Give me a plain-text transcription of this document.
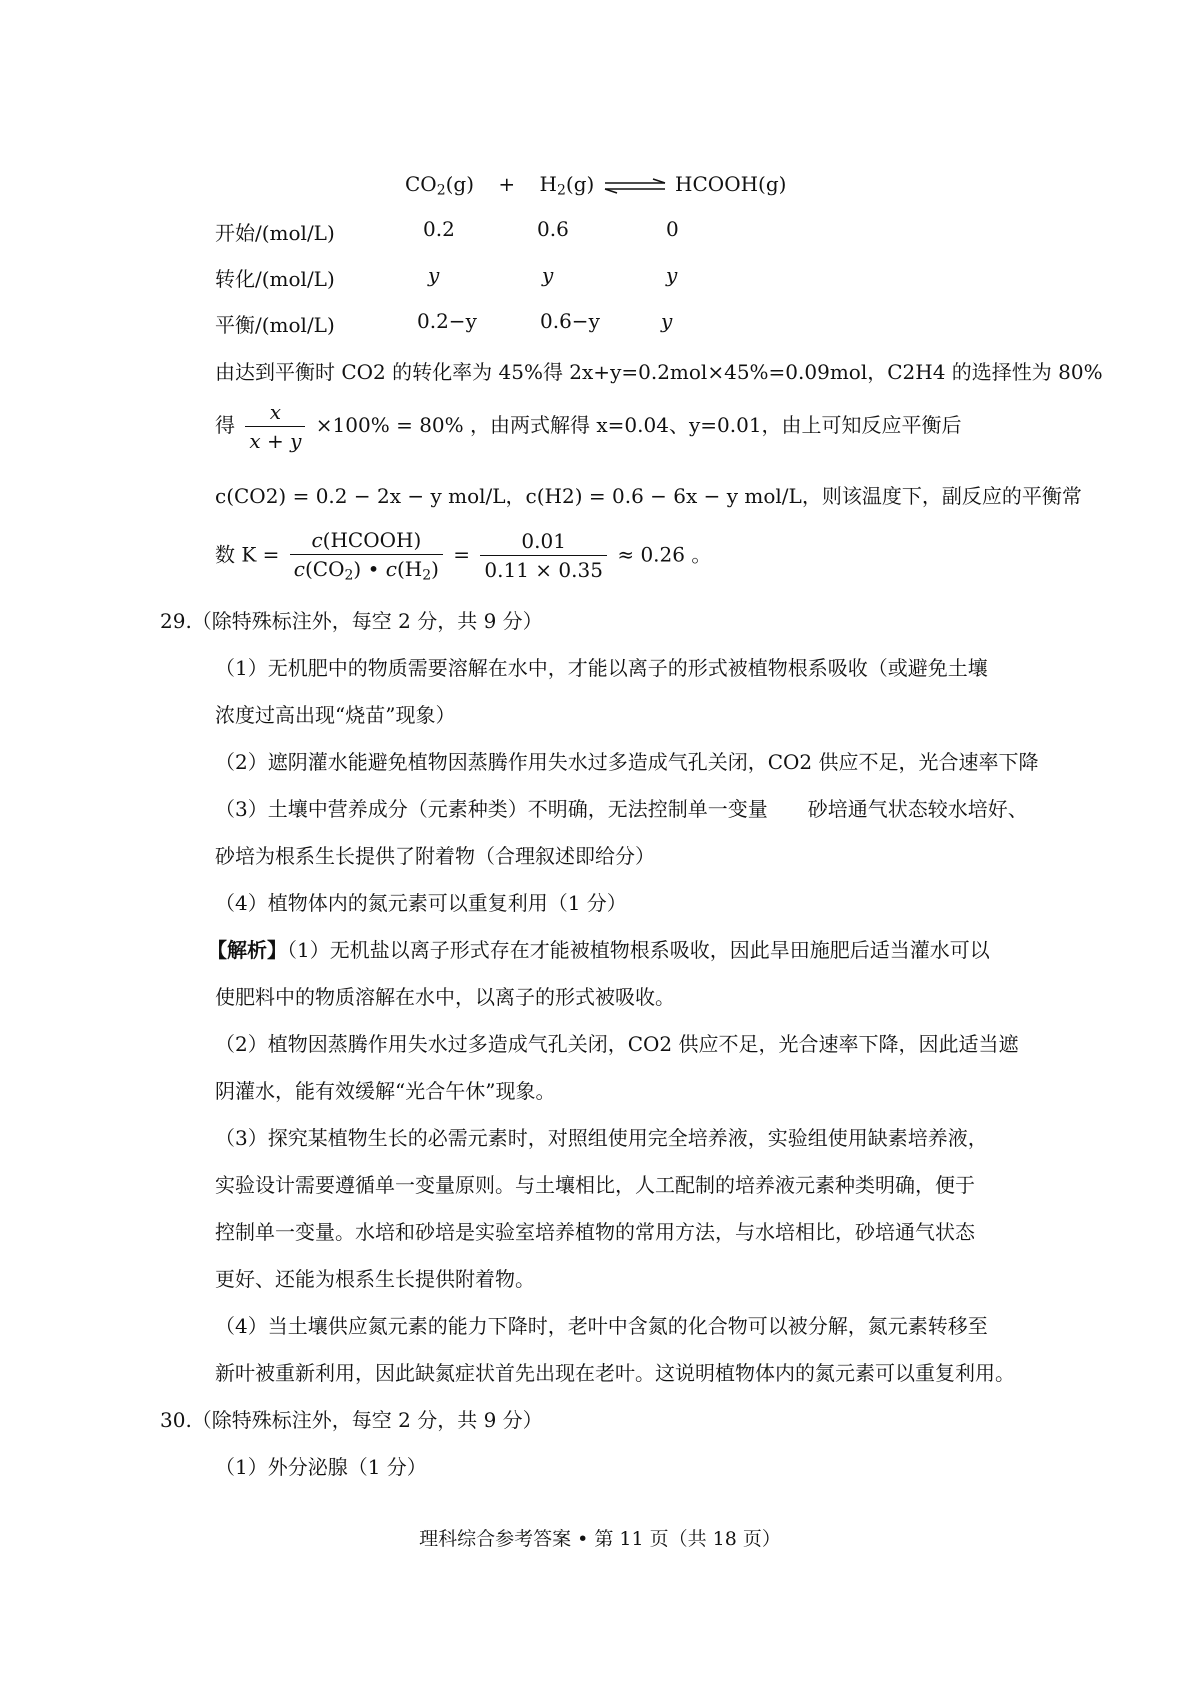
$CO_2(g) + H_2(g)$ ⇌ HCOOH(g)
开始/(mol/L)	0.2	0.6	0
转化/(mol/L)	y	y	y
平衡/(mol/L)	0.2−y	0.6−y	y
由达到平衡时 CO2 的转化率为 45%得 2x+y=0.2mol×45%=0.09mol，C2H4 的选择性为 80%
得 $\frac{x}{x + y} \times 100\% = 80\%$ ，由两式解得 x=0.04、y=0.01，由上可知反应平衡后
c(CO2) = 0.2 − 2x − y mol/L，c(H2) = 0.6 − 6x − y mol/L，则该温度下，副反应的平衡常
数 $K = \frac{\text{c(HCOOH)}}{c(CO_2) • c(H_2)} = \frac{0.01}{0.11 \times 0.35} \approx 0.26$ 。
29.（除特殊标注外，每空 2 分，共 9 分）
（1）无机肥中的物质需要溶解在水中，才能以离子的形式被植物根系吸收（或避免土壤
浓度过高出现“烧苗”现象）
（2）遮阴灌水能避免植物因蒸腾作用失水过多造成气孔关闭，CO2 供应不足，光合速率下降
（3）土壤中营养成分（元素种类）不明确，无法控制单一变量　　砂培通气状态较水培好、
砂培为根系生长提供了附着物（合理叙述即给分）
（4）植物体内的氮元素可以重复利用（1 分）
【解析】（1）无机盐以离子形式存在才能被植物根系吸收，因此旱田施肥后适当灌水可以
使肥料中的物质溶解在水中，以离子的形式被吸收。
（2）植物因蒸腾作用失水过多造成气孔关闭，CO2 供应不足，光合速率下降，因此适当遮
阴灌水，能有效缓解“光合午休”现象。
（3）探究某植物生长的必需元素时，对照组使用完全培养液，实验组使用缺素培养液，
实验设计需要遵循单一变量原则。与土壤相比，人工配制的培养液元素种类明确，便于
控制单一变量。水培和砂培是实验室培养植物的常用方法，与水培相比，砂培通气状态
更好、还能为根系生长提供附着物。
（4）当土壤供应氮元素的能力下降时，老叶中含氮的化合物可以被分解，氮元素转移至
新叶被重新利用，因此缺氮症状首先出现在老叶。这说明植物体内的氮元素可以重复利用。
30.（除特殊标注外，每空 2 分，共 9 分）
（1）外分泌腺（1 分）
理科综合参考答案 • 第 11 页（共 18 页）
